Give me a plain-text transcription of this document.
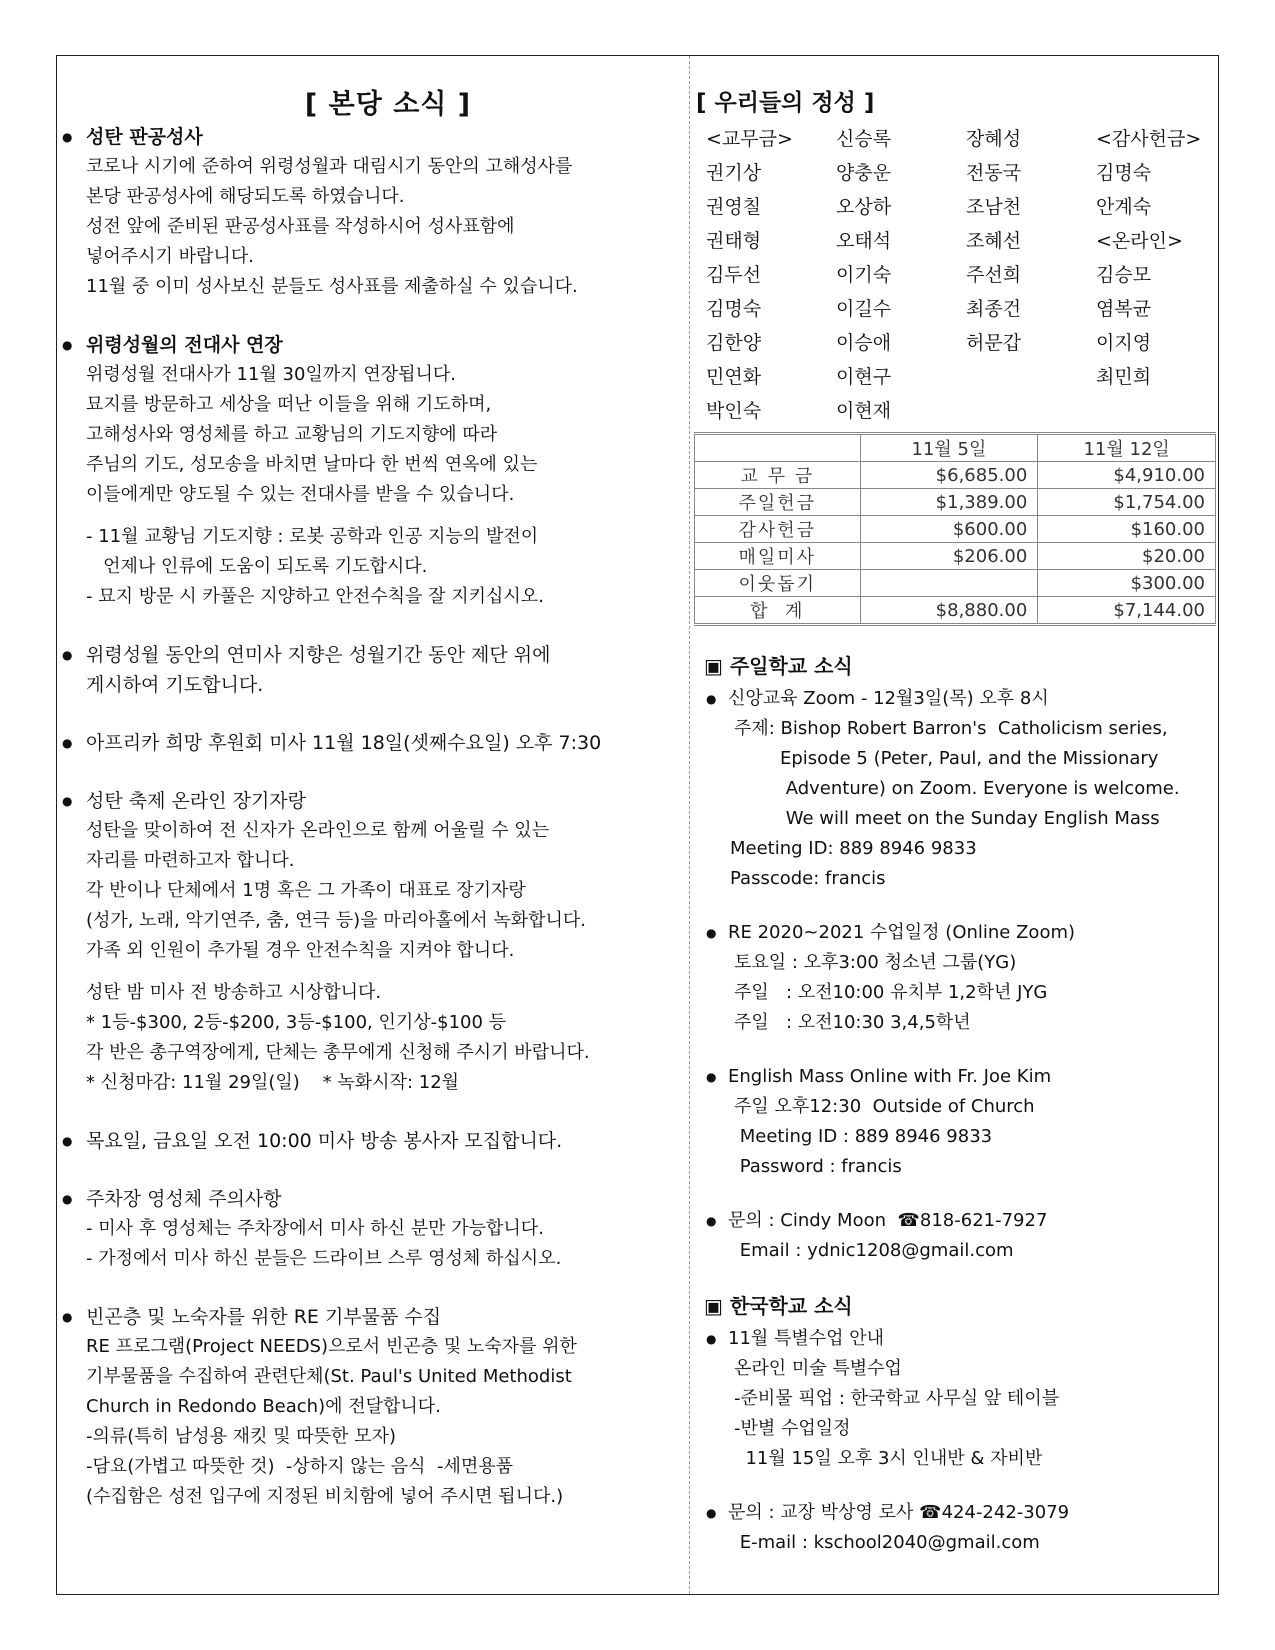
[ 본당 소식 ]
● 성탄 판공성사
코로나 시기에 준하여 위령성월과 대림시기 동안의 고해성사를
본당 판공성사에 해당되도록 하였습니다.
성전 앞에 준비된 판공성사표를 작성하시어 성사표함에
넣어주시기 바랍니다.
11월 중 이미 성사보신 분들도 성사표를 제출하실 수 있습니다.
● 위령성월의 전대사 연장
위령성월 전대사가 11월 30일까지 연장됩니다.
묘지를 방문하고 세상을 떠난 이들을 위해 기도하며,
고해성사와 영성체를 하고 교황님의 기도지향에 따라
주님의 기도, 성모송을 바치면 날마다 한 번씩 연옥에 있는
이들에게만 양도될 수 있는 전대사를 받을 수 있습니다.
- 11월 교황님 기도지향 : 로봇 공학과 인공 지능의 발전이
언제나 인류에 도움이 되도록 기도합시다.
- 묘지 방문 시 카풀은 지양하고 안전수칙을 잘 지키십시오.
● 위령성월 동안의 연미사 지향은 성월기간 동안 제단 위에
게시하여 기도합니다.
● 아프리카 희망 후원회 미사 11월 18일(셋째수요일) 오후 7:30
● 성탄 축제 온라인 장기자랑
성탄을 맞이하여 전 신자가 온라인으로 함께 어울릴 수 있는
자리를 마련하고자 합니다.
각 반이나 단체에서 1명 혹은 그 가족이 대표로 장기자랑
(성가, 노래, 악기연주, 춤, 연극 등)을 마리아홀에서 녹화합니다.
가족 외 인원이 추가될 경우 안전수칙을 지켜야 합니다.
성탄 밤 미사 전 방송하고 시상합니다.
* 1등-$300, 2등-$200, 3등-$100, 인기상-$100 등
각 반은 총구역장에게, 단체는 총무에게 신청해 주시기 바랍니다.
* 신청마감: 11월 29일(일)    * 녹화시작: 12월
● 목요일, 금요일 오전 10:00 미사 방송 봉사자 모집합니다.
● 주차장 영성체 주의사항
- 미사 후 영성체는 주차장에서 미사 하신 분만 가능합니다.
- 가정에서 미사 하신 분들은 드라이브 스루 영성체 하십시오.
● 빈곤층 및 노숙자를 위한 RE 기부물품 수집
RE 프로그램(Project NEEDS)으로서 빈곤층 및 노숙자를 위한
기부물품을 수집하여 관련단체(St. Paul's United Methodist
Church in Redondo Beach)에 전달합니다.
-의류(특히 남성용 재킷 및 따뜻한 모자)
-담요(가볍고 따뜻한 것)  -상하지 않는 음식  -세면용품
(수집함은 성전 입구에 지정된 비치함에 넣어 주시면 됩니다.)
[ 우리들의 정성 ]
<교무금>	신승록	장혜성	<감사헌금>
권기상	양충운	전동국	김명숙
권영칠	오상하	조남천	안계숙
권태형	오태석	조혜선	<온라인>
김두선	이기숙	주선희	김승모
김명숙	이길수	최종건	염복균
김한양	이승애	허문갑	이지영
민연화	이현구	최민희
박인숙	이현재
	11월 5일	11월 12일
교 무 금	$6,685.00	$4,910.00
주일헌금	$1,389.00	$1,754.00
감사헌금	$600.00	$160.00
매일미사	$206.00	$20.00
이웃돕기		$300.00
합  계	$8,880.00	$7,144.00
▣ 주일학교 소식
● 신앙교육 Zoom - 12월3일(목) 오후 8시
주제: Bishop Robert Barron's  Catholicism series,
Episode 5 (Peter, Paul, and the Missionary
Adventure) on Zoom. Everyone is welcome.
We will meet on the Sunday English Mass
Meeting ID: 889 8946 9833
Passcode: francis
● RE 2020~2021 수업일정 (Online Zoom)
토요일 : 오후3:00 청소년 그룹(YG)
주일   : 오전10:00 유치부 1,2학년 JYG
주일   : 오전10:30 3,4,5학년
● English Mass Online with Fr. Joe Kim
주일 오후12:30  Outside of Church
Meeting ID : 889 8946 9833
Password : francis
● 문의 : Cindy Moon  ☎818-621-7927
Email : ydnic1208@gmail.com
▣ 한국학교 소식
● 11월 특별수업 안내
온라인 미술 특별수업
-준비물 픽업 : 한국학교 사무실 앞 테이블
-반별 수업일정
11월 15일 오후 3시 인내반 & 자비반
● 문의 : 교장 박상영 로사 ☎424-242-3079
E-mail : kschool2040@gmail.com
